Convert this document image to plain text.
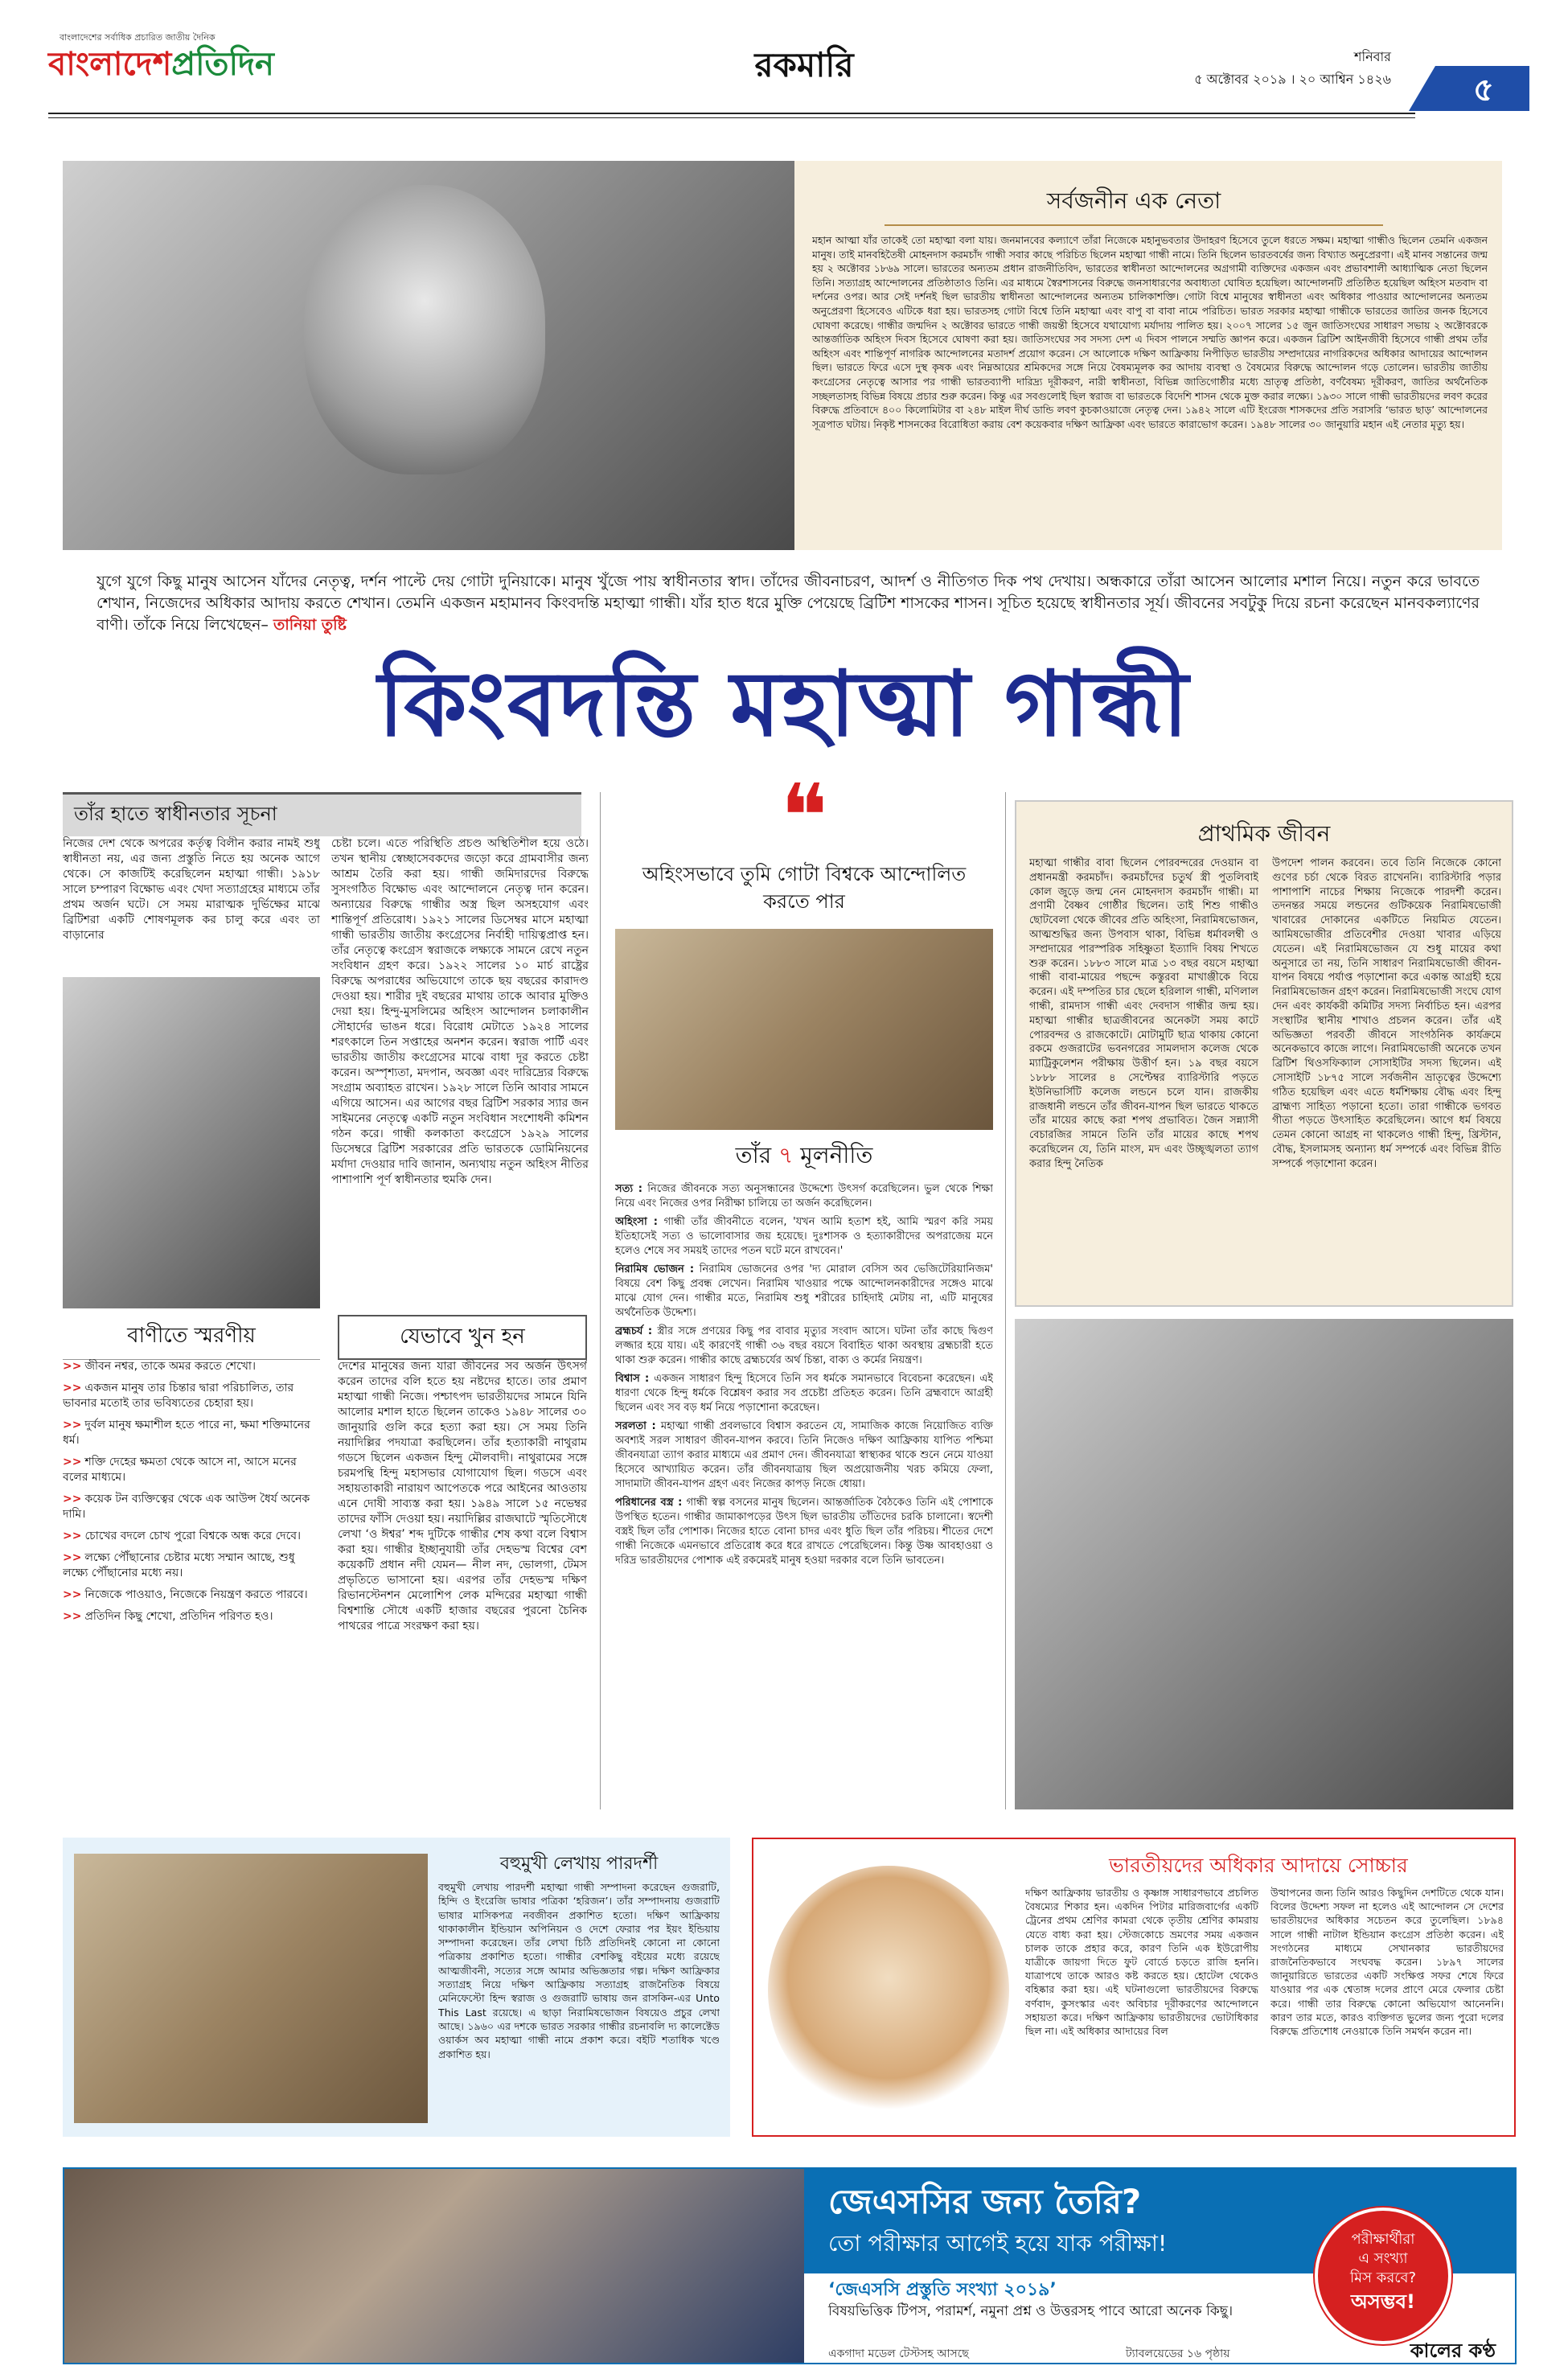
বাংলাদেশের সর্বাধিক প্রচারিত জাতীয় দৈনিক
বাংলাদেশপ্রতিদিন	রকমারি	শনিবার
৫ অক্টোবর ২০১৯ । ২০ আশ্বিন ১৪২৬	৫
সর্বজনীন এক নেতা
মহান আত্মা যাঁর তাকেই তো মহাত্মা বলা যায়। জনমানবের কল্যাণে তাঁরা নিজেকে মহানুভবতার উদাহরণ হিসেবে তুলে ধরতে সক্ষম। মহাত্মা গান্ধীও ছিলেন তেমনি একজন মানুষ। তাই মানবহিতৈষী মোহনদাস করমচাঁদ গান্ধী সবার কাছে পরিচিত ছিলেন মহাত্মা গান্ধী নামে। তিনি ছিলেন ভারতবর্ষের জন্য বিখ্যাত অনুপ্রেরণা। এই মানব সন্তানের জন্ম হয় ২ অক্টোবর ১৮৬৯ সালে। ভারতের অন্যতম প্রধান রাজনীতিবিদ, ভারতের স্বাধীনতা আন্দোলনের অগ্রগামী ব্যক্তিদের একজন এবং প্রভাবশালী আধ্যাত্মিক নেতা ছিলেন তিনি। সত্যাগ্রহ আন্দোলনের প্রতিষ্ঠাতাও তিনি। এর মাধ্যমে স্বৈরশাসনের বিরুদ্ধে জনসাধারণের অবাধ্যতা ঘোষিত হয়েছিল। আন্দোলনটি প্রতিষ্ঠিত হয়েছিল অহিংস মতবাদ বা দর্শনের ওপর। আর সেই দর্শনই ছিল ভারতীয় স্বাধীনতা আন্দোলনের অন্যতম চালিকাশক্তি। গোটা বিশ্বে মানুষের স্বাধীনতা এবং অধিকার পাওয়ার আন্দোলনের অন্যতম অনুপ্রেরণা হিসেবেও এটিকে ধরা হয়। ভারতসহ গোটা বিশ্বে তিনি মহাত্মা এবং বাপু বা বাবা নামে পরিচিত। ভারত সরকার মহাত্মা গান্ধীকে ভারতের জাতির জনক হিসেবে ঘোষণা করেছে। গান্ধীর জন্মদিন ২ অক্টোবর ভারতে গান্ধী জয়ন্তী হিসেবে যথাযোগ্য মর্যাদায় পালিত হয়। ২০০৭ সালের ১৫ জুন জাতিসংঘের সাধারণ সভায় ২ অক্টোবরকে আন্তর্জাতিক অহিংস দিবস হিসেবে ঘোষণা করা হয়। জাতিসংঘের সব সদস্য দেশ এ দিবস পালনে সম্মতি জ্ঞাপন করে। একজন ব্রিটিশ আইনজীবী হিসেবে গান্ধী প্রথম তাঁর অহিংস এবং শান্তিপূর্ণ নাগরিক আন্দোলনের মতাদর্শ প্রয়োগ করেন। সে আলোকে দক্ষিণ আফ্রিকায় নিপীড়িত ভারতীয় সম্প্রদায়ের নাগরিকদের অধিকার আদায়ের আন্দোলন ছিল। ভারতে ফিরে এসে দুস্থ কৃষক এবং নিম্নআয়ের শ্রমিকদের সঙ্গে নিয়ে বৈষম্যমূলক কর আদায় ব্যবস্থা ও বৈষম্যের বিরুদ্ধে আন্দোলন গড়ে তোলেন। ভারতীয় জাতীয় কংগ্রেসের নেতৃত্বে আসার পর গান্ধী ভারতব্যাপী দারিদ্র্য দূরীকরণ, নারী স্বাধীনতা, বিভিন্ন জাতিগোষ্ঠীর মধ্যে ভ্রাতৃত্ব প্রতিষ্ঠা, বর্ণবৈষম্য দূরীকরণ, জাতির অর্থনৈতিক সচ্ছলতাসহ বিভিন্ন বিষয়ে প্রচার শুরু করেন। কিন্তু এর সবগুলোই ছিল স্বরাজ বা ভারতকে বিদেশি শাসন থেকে মুক্ত করার লক্ষ্যে। ১৯৩০ সালে গান্ধী ভারতীয়দের লবণ করের বিরুদ্ধে প্রতিবাদে ৪০০ কিলোমিটার বা ২৪৮ মাইল দীর্ঘ ডান্ডি লবণ কুচকাওয়াজে নেতৃত্ব দেন। ১৯৪২ সালে এটি ইংরেজ শাসকদের প্রতি সরাসরি ‘ভারত ছাড়’ আন্দোলনের সূত্রপাত ঘটায়। নিকৃষ্ট শাসনকের বিরোধিতা করায় বেশ কয়েকবার দক্ষিণ আফ্রিকা এবং ভারতে কারাভোগ করেন। ১৯৪৮ সালের ৩০ জানুয়ারি মহান এই নেতার মৃত্যু হয়।
যুগে যুগে কিছু মানুষ আসেন যাঁদের নেতৃত্ব, দর্শন পাল্টে দেয় গোটা দুনিয়াকে। মানুষ খুঁজে পায় স্বাধীনতার স্বাদ। তাঁদের জীবনাচরণ, আদর্শ ও নীতিগত দিক পথ দেখায়। অন্ধকারে তাঁরা আসেন আলোর মশাল নিয়ে। নতুন করে ভাবতে শেখান, নিজেদের অধিকার আদায় করতে শেখান। তেমনি একজন মহামানব কিংবদন্তি মহাত্মা গান্ধী। যাঁর হাত ধরে মুক্তি পেয়েছে ব্রিটিশ শাসকের শাসন। সূচিত হয়েছে স্বাধীনতার সূর্য। জীবনের সবটুকু দিয়ে রচনা করেছেন মানবকল্যাণের বাণী। তাঁকে নিয়ে লিখেছেন– তানিয়া তুষ্টি
কিংবদন্তি মহাত্মা গান্ধী
তাঁর হাতে স্বাধীনতার সূচনা
নিজের দেশ থেকে অপরের কর্তৃত্ব বিলীন করার নামই শুধু স্বাধীনতা নয়, এর জন্য প্রস্তুতি নিতে হয় অনেক আগে থেকে। সে কাজটিই করেছিলেন মহাত্মা গান্ধী। ১৯১৮ সালে চম্পারণ বিক্ষোভ এবং খেদা সত্যাগ্রহের মাধ্যমে তাঁর প্রথম অর্জন ঘটে। সে সময় মারাত্মক দুর্ভিক্ষের মাঝে ব্রিটিশরা একটি শোষণমূলক কর চালু করে এবং তা বাড়ানোর
চেষ্টা চলে। এতে পরিস্থিতি প্রচণ্ড অস্থিতিশীল হয়ে ওঠে। তখন স্থানীয় স্বেচ্ছাসেবকদের জড়ো করে গ্রামবাসীর জন্য আশ্রম তৈরি করা হয়। গান্ধী জমিদারদের বিরুদ্ধে সুসংগঠিত বিক্ষোভ এবং আন্দোলনে নেতৃত্ব দান করেন। অন্যায়ের বিরুদ্ধে গান্ধীর অস্ত্র ছিল অসহযোগ এবং শান্তিপূর্ণ প্রতিরোধ। ১৯২১ সালের ডিসেম্বর মাসে মহাত্মা গান্ধী ভারতীয় জাতীয় কংগ্রেসের নির্বাহী দায়িত্বপ্রাপ্ত হন। তাঁর নেতৃত্বে কংগ্রেস স্বরাজকে লক্ষ্যকে সামনে রেখে নতুন সংবিধান গ্রহণ করে। ১৯২২ সালের ১০ মার্চ রাষ্ট্রের বিরুদ্ধে অপরাধের অভিযোগে তাকে ছয় বছরের কারাদণ্ড দেওয়া হয়। শারীর দুই বছরের মাথায় তাকে আবার মুক্তিও দেয়া হয়। হিন্দু-মুসলিমের অহিংস আন্দোলন চলাকালীন সৌহার্দের ভাঙন ধরে। বিরোধ মেটাতে ১৯২৪ সালের শরৎকালে তিন সপ্তাহের অনশন করেন। স্বরাজ পার্টি এবং ভারতীয় জাতীয় কংগ্রেসের মাঝে বাধা দূর করতে চেষ্টা করেন। অস্পৃশ্যতা, মদপান, অবজ্ঞা এবং দারিদ্র্যের বিরুদ্ধে সংগ্রাম অব্যাহত রাখেন। ১৯২৮ সালে তিনি আবার সামনে এগিয়ে আসেন। এর আগের বছর ব্রিটিশ সরকার স্যার জন সাইমনের নেতৃত্বে একটি নতুন সংবিধান সংশোধনী কমিশন গঠন করে। গান্ধী কলকাতা কংগ্রেসে ১৯২৯ সালের ডিসেম্বরে ব্রিটিশ সরকারের প্রতি ভারতকে ডোমিনিয়নের মর্যাদা দেওয়ার দাবি জানান, অন্যথায় নতুন অহিংস নীতির পাশাপাশি পূর্ণ স্বাধীনতার হুমকি দেন।
বাণীতে স্মরণীয়
>> জীবন নশ্বর, তাকে অমর করতে শেখো।
>> একজন মানুষ তার চিন্তার দ্বারা পরিচালিত, তার ভাবনার মতোই তার ভবিষ্যতের চেহারা হয়।
>> দুর্বল মানুষ ক্ষমাশীল হতে পারে না, ক্ষমা শক্তিমানের ধর্ম।
>> শক্তি দেহের ক্ষমতা থেকে আসে না, আসে মনের বলের মাধ্যমে।
>> কয়েক টন ব্যক্তিত্বের থেকে এক আউন্স ধৈর্য অনেক দামি।
>> চোখের বদলে চোখ পুরো বিশ্বকে অন্ধ করে দেবে।
>> লক্ষ্যে পৌঁছানোর চেষ্টার মধ্যে সম্মান আছে, শুধু লক্ষ্যে পৌঁছানোর মধ্যে নয়।
>> নিজেকে পাওয়াও, নিজেকে নিয়ন্ত্রণ করতে পারবে।
>> প্রতিদিন কিছু শেখো, প্রতিদিন পরিণত হও।
যেভাবে খুন হন
দেশের মানুষের জন্য যারা জীবনের সব অর্জন উৎসর্গ করেন তাদের বলি হতে হয় নষ্টদের হাতে। তার প্রমাণ মহাত্মা গান্ধী নিজে। পশ্চাৎপদ ভারতীয়দের সামনে যিনি আলোর মশাল হাতে ছিলেন তাকেও ১৯৪৮ সালের ৩০ জানুয়ারি গুলি করে হত্যা করা হয়। সে সময় তিনি নয়াদিল্লির পদযাত্রা করছিলেন। তাঁর হত্যাকারী নাথুরাম গডসে ছিলেন একজন হিন্দু মৌলবাদী। নাথুরামের সঙ্গে চরমপন্থি হিন্দু মহাসভার যোগাযোগ ছিল। গডসে এবং সহায়তাকারী নারায়ণ আপেতকে পরে আইনের আওতায় এনে দোষী সাব্যস্ত করা হয়। ১৯৪৯ সালে ১৫ নভেম্বর তাদের ফাঁসি দেওয়া হয়। নয়াদিল্লির রাজঘাটে স্মৃতিসৌধে লেখা ‘ও ঈশ্বর’ শব্দ দুটিকে গান্ধীর শেষ কথা বলে বিশ্বাস করা হয়। গান্ধীর ইচ্ছানুযায়ী তাঁর দেহভস্ম বিশ্বের বেশ কয়েকটি প্রধান নদী যেমন— নীল নদ, ভোলগা, টেমস প্রভৃতিতে ভাসানো হয়। এরপর তাঁর দেহভস্ম দক্ষিণ রিভানস্টেনশন মেলোশিপ লেক মন্দিরের মহাত্মা গান্ধী বিশ্বশান্তি সৌধে একটি হাজার বছরের পুরনো চৈনিক পাথরের পাত্রে সংরক্ষণ করা হয়।
❝
অহিংসভাবে তুমি গোটা বিশ্বকে আন্দোলিত করতে পার
তাঁর ৭ মূলনীতি

সত্য : নিজের জীবনকে সত্য অনুসন্ধানের উদ্দেশ্যে উৎসর্গ করেছিলেন। ভুল থেকে শিক্ষা নিয়ে এবং নিজের ওপর নিরীক্ষা চালিয়ে তা অর্জন করেছিলেন।

অহিংসা : গান্ধী তাঁর জীবনীতে বলেন, 'যখন আমি হতাশ হই, আমি স্মরণ করি সময় ইতিহাসেই সত্য ও ভালোবাসার জয় হয়েছে। দুঃশাসক ও হত্যাকারীদের অপরাজেয় মনে হলেও শেষে সব সময়ই তাদের পতন ঘটে মনে রাখবেন।'

নিরামিষ ভোজন : নিরামিষ ভোজনের ওপর 'দ্য মোরাল বেসিস অব ভেজিটেরিয়ানিজম' বিষয়ে বেশ কিছু প্রবন্ধ লেখেন। নিরামিষ খাওয়ার পক্ষে আন্দোলনকারীদের সঙ্গেও মাঝে মাঝে যোগ দেন। গান্ধীর মতে, নিরামিষ শুধু শরীরের চাহিদাই মেটায় না, এটি মানুষের অর্থনৈতিক উদ্দেশ্য।

ব্রহ্মচর্য : স্ত্রীর সঙ্গে প্রণয়ের কিছু পর বাবার মৃত্যুর সংবাদ আসে। ঘটনা তাঁর কাছে দ্বিগুণ লজ্জার হয়ে যায়। এই কারণেই গান্ধী ৩৬ বছর বয়সে বিবাহিত থাকা অবস্থায় ব্রহ্মচারী হতে থাকা শুরু করেন। গান্ধীর কাছে ব্রহ্মচর্যের অর্থ চিন্তা, বাক্য ও কর্মের নিয়ন্ত্রণ।

বিশ্বাস : একজন সাধারণ হিন্দু হিসেবে তিনি সব ধর্মকে সমানভাবে বিবেচনা করেছেন। এই ধারণা থেকে হিন্দু ধর্মকে বিশ্লেষণ করার সব প্রচেষ্টা প্রতিহত করেন। তিনি ব্রহ্মবাদে আগ্রহী ছিলেন এবং সব বড় ধর্ম নিয়ে পড়াশোনা করেছেন।

সরলতা : মহাত্মা গান্ধী প্রবলভাবে বিশ্বাস করতেন যে, সামাজিক কাজে নিয়োজিত ব্যক্তি অবশ্যই সরল সাধারণ জীবন-যাপন করবে। তিনি নিজেও দক্ষিণ আফ্রিকায় যাপিত পশ্চিমা জীবনযাত্রা ত্যাগ করার মাধ্যমে এর প্রমাণ দেন। জীবনযাত্রা স্বাস্থ্যকর থাকে শুনে নেমে যাওয়া হিসেবে আখ্যায়িত করেন। তাঁর জীবনযাত্রায় ছিল অপ্রয়োজনীয় খরচ কমিয়ে ফেলা, সাদামাটা জীবন-যাপন গ্রহণ এবং নিজের কাপড় নিজে ধোয়া।

পরিধানের বস্ত্র : গান্ধী স্বল্প বসনের মানুষ ছিলেন। আন্তর্জাতিক বৈঠকেও তিনি এই পোশাকে উপস্থিত হতেন। গান্ধীর জামাকাপড়ের উৎস ছিল ভারতীয় তাঁতিদের চরকি চালানো। স্বদেশী বস্ত্রই ছিল তাঁর পোশাক। নিজের হাতে বোনা চাদর এবং ধুতি ছিল তাঁর পরিচয়। শীতের দেশে গান্ধী নিজেকে এমনভাবে প্রতিরোধ করে ধরে রাখতে পেরেছিলেন। কিন্তু উষ্ণ আবহাওয়া ও দরিদ্র ভারতীয়দের পোশাক এই রকমেরই মানুষ হওয়া দরকার বলে তিনি ভাবতেন।

প্রাথমিক জীবন
মহাত্মা গান্ধীর বাবা ছিলেন পোরবন্দরের দেওয়ান বা প্রধানমন্ত্রী করমচাঁদ। করমচাঁদের চতুর্থ স্ত্রী পুতলিবাই কোল জুড়ে জন্ম নেন মোহনদাস করমচাঁদ গান্ধী। মা প্রণামী বৈষ্ণব গোষ্ঠীর ছিলেন। তাই শিশু গান্ধীও ছোটবেলা থেকে জীবের প্রতি অহিংসা, নিরামিষভোজন, আত্মশুদ্ধির জন্য উপবাস থাকা, বিভিন্ন ধর্মাবলম্বী ও সম্প্রদায়ের পারস্পরিক সহিষ্ণুতা ইত্যাদি বিষয় শিখতে শুরু করেন। ১৮৮৩ সালে মাত্র ১৩ বছর বয়সে মহাত্মা গান্ধী বাবা-মায়ের পছন্দে কস্তুরবা মাখাঞ্জীকে বিয়ে করেন। এই দম্পতির চার ছেলে হরিলাল গান্ধী, মণিলাল গান্ধী, রামদাস গান্ধী এবং দেবদাস গান্ধীর জন্ম হয়। মহাত্মা গান্ধীর ছাত্রজীবনের অনেকটা সময় কাটে পোরবন্দর ও রাজকোটে। মোটামুটি ছাত্র থাকায় কোনো রকমে গুজরাটের ভবনগরের সামলদাস কলেজ থেকে ম্যাট্রিকুলেশন পরীক্ষায় উত্তীর্ণ হন। ১৯ বছর বয়সে ১৮৮৮ সালের ৪ সেপ্টেম্বর ব্যারিস্টারি পড়তে ইউনিভার্সিটি কলেজ লন্ডনে চলে যান। রাজকীয় রাজধানী লন্ডনে তাঁর জীবন-যাপন ছিল ভারতে থাকতে তাঁর মায়ের কাছে করা শপথ প্রভাবিত। জৈন সন্ন্যাসী বেচারজির সামনে তিনি তাঁর মায়ের কাছে শপথ করেছিলেন যে, তিনি মাংস, মদ এবং উচ্ছৃঙ্খলতা ত্যাগ করার হিন্দু নৈতিক
উপদেশ পালন করবেন। তবে তিনি নিজেকে কোনো গুণের চর্চা থেকে বিরত রাখেননি। ব্যারিস্টারি পড়ার পাশাপাশি নাচের শিক্ষায় নিজেকে পারদর্শী করেন। তদনন্তর সময়ে লন্ডনের গুটিকয়েক নিরামিষভোজী খাবারের দোকানের একটিতে নিয়মিত যেতেন। আমিষভোজীর প্রতিবেশীর দেওয়া খাবার এড়িয়ে যেতেন। এই নিরামিষভোজন যে শুধু মায়ের কথা অনুসারে তা নয়, তিনি সাধারণ নিরামিষভোজী জীবন-যাপন বিষয়ে পর্যাপ্ত পড়াশোনা করে একান্ত আগ্রহী হয়ে নিরামিষভোজন গ্রহণ করেন। নিরামিষভোজী সংঘে যোগ দেন এবং কার্যকরী কমিটির সদস্য নির্বাচিত হন। এরপর সংস্থাটির স্থানীয় শাখাও প্রচলন করেন। তাঁর এই অভিজ্ঞতা পরবর্তী জীবনে সাংগঠনিক কার্যক্রমে অনেকভাবে কাজে লাগে। নিরামিষভোজী অনেকে তখন ব্রিটিশ থিওসফিক্যাল সোসাইটির সদস্য ছিলেন। এই সোসাইটি ১৮৭৫ সালে সর্বজনীন ভ্রাতৃত্বের উদ্দেশ্যে গঠিত হয়েছিল এবং এতে ধর্মশিক্ষায় বৌদ্ধ এবং হিন্দু ব্রাহ্মণ্য সাহিত্য পড়ানো হতো। তারা গান্ধীকে ভগবত গীতা পড়তে উৎসাহিত করেছিলেন। আগে ধর্ম বিষয়ে তেমন কোনো আগ্রহ না থাকলেও গান্ধী হিন্দু, খ্রিস্টান, বৌদ্ধ, ইসলামসহ অন্যান্য ধর্ম সম্পর্কে এবং বিভিন্ন রীতি সম্পর্কে পড়াশোনা করেন।
বহুমুখী লেখায় পারদর্শী
বহুমুখী লেখায় পারদর্শী মহাত্মা গান্ধী সম্পাদনা করেছেন গুজরাটি, হিন্দি ও ইংরেজি ভাষার পত্রিকা ‘হরিজন’। তাঁর সম্পাদনায় গুজরাটি ভাষার মাসিকপত্র নবজীবন প্রকাশিত হতো। দক্ষিণ আফ্রিকায় থাকাকালীন ইন্ডিয়ান অপিনিয়ন ও দেশে ফেরার পর ইয়ং ইন্ডিয়ায় সম্পাদনা করেছেন। তাঁর লেখা চিঠি প্রতিদিনই কোনো না কোনো পত্রিকায় প্রকাশিত হতো। গান্ধীর বেশকিছু বইয়ের মধ্যে রয়েছে আত্মজীবনী, সত্যের সঙ্গে আমার অভিজ্ঞতার গল্প। দক্ষিণ আফ্রিকার সত্যাগ্রহ নিয়ে দক্ষিণ আফ্রিকায় সত্যাগ্রহ রাজনৈতিক বিষয়ে মেনিফেস্টো হিন্দ স্বরাজ ও গুজরাটি ভাষায় জন রাসকিন-এর Unto This Last রয়েছে। এ ছাড়া নিরামিষভোজন বিষয়েও প্রচুর লেখা আছে। ১৯৬০ এর দশকে ভারত সরকার গান্ধীর রচনাবলি দ্য কালেক্টেড ওয়ার্কস অব মহাত্মা গান্ধী নামে প্রকাশ করে। বইটি শতাধিক খণ্ডে প্রকাশিত হয়।
ভারতীয়দের অধিকার আদায়ে সোচ্চার
দক্ষিণ আফ্রিকায় ভারতীয় ও কৃষ্ণাঙ্গ সাধারণভাবে প্রচলিত বৈষম্যের শিকার হন। একদিন পিটার মারিজবার্গের একটি ট্রেনের প্রথম শ্রেণির কামরা থেকে তৃতীয় শ্রেণির কামরায় যেতে বাধ্য করা হয়। স্টেজকোচে ভ্রমণের সময় একজন চালক তাকে প্রহার করে, কারণ তিনি এক ইউরোপীয় যাত্রীকে জায়গা দিতে ফুট বোর্ডে চড়তে রাজি হননি। যাত্রাপথে তাকে আরও কষ্ট করতে হয়। হোটেল থেকেও বহিষ্কার করা হয়। এই ঘটনাগুলো ভারতীয়দের বিরুদ্ধে বর্ণবাদ, কুসংস্কার এবং অবিচার দূরীকরণের আন্দোলনে সহায়তা করে। দক্ষিণ আফ্রিকায় ভারতীয়দের ভোটাধিকার ছিল না। এই অধিকার আদায়ের বিল
উত্থাপনের জন্য তিনি আরও কিছুদিন দেশটিতে থেকে যান। বিলের উদ্দেশ্য সফল না হলেও এই আন্দোলন সে দেশের ভারতীয়দের অধিকার সচেতন করে তুলেছিল। ১৮৯৪ সালে গান্ধী নাটাল ইন্ডিয়ান কংগ্রেস প্রতিষ্ঠা করেন। এই সংগঠনের মাধ্যমে সেখানকার ভারতীয়দের রাজনৈতিকভাবে সংঘবদ্ধ করেন। ১৮৯৭ সালের জানুয়ারিতে ভারতের একটি সংক্ষিপ্ত সফর শেষে ফিরে যাওয়ার পর এক শ্বেতাঙ্গ দলের প্রাণে মেরে ফেলার চেষ্টা করে। গান্ধী তার বিরুদ্ধে কোনো অভিযোগ আনেননি। কারণ তার মতে, কারও ব্যক্তিগত ভুলের জন্য পুরো দলের বিরুদ্ধে প্রতিশোধ নেওয়াকে তিনি সমর্থন করেন না।
জেএসসির জন্য তৈরি?
তো পরীক্ষার আগেই হয়ে যাক পরীক্ষা!
‘জেএসসি প্রস্তুতি সংখ্যা ২০১৯’
বিষয়ভিত্তিক টিপস, পরামর্শ, নমুনা প্রশ্ন ও উত্তরসহ পাবে আরো অনেক কিছু।
পরীক্ষার্থীরা
এ সংখ্যা
মিস করবে?
অসম্ভব!
একগাদা মডেল টেস্টসহ আসছে	ট্যাবলয়েডের ১৬ পৃষ্ঠায়	কালের কণ্ঠ
